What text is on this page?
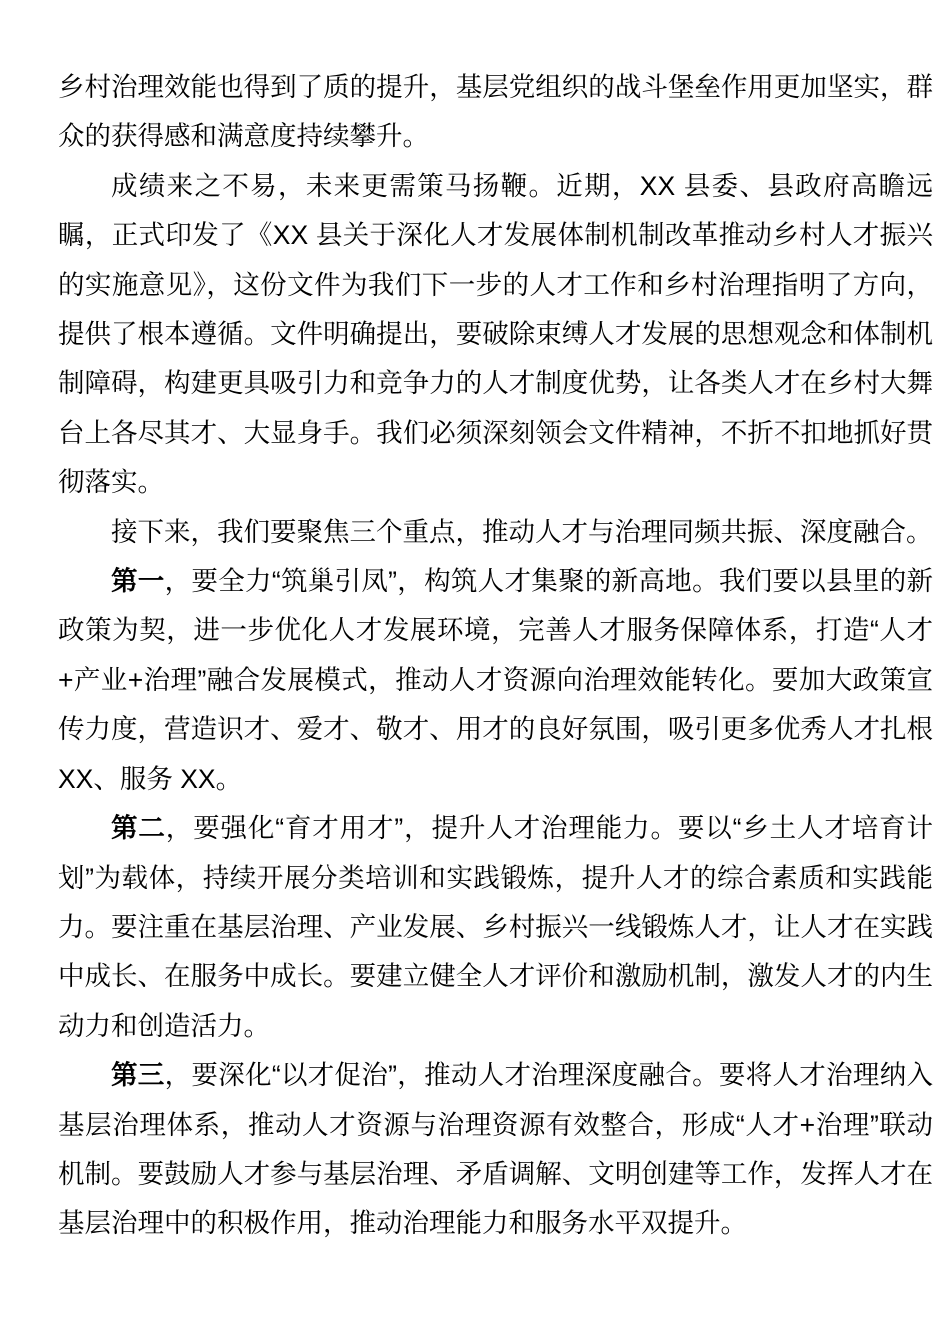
乡村治理效能也得到了质的提升，基层党组织的战斗堡垒作用更加坚实，群众的获得感和满意度持续攀升。

成绩来之不易，未来更需策马扬鞭。近期，XX 县委、县政府高瞻远瞩，正式印发了《XX 县关于深化人才发展体制机制改革推动乡村人才振兴的实施意见》，这份文件为我们下一步的人才工作和乡村治理指明了方向，提供了根本遵循。文件明确提出，要破除束缚人才发展的思想观念和体制机制障碍，构建更具吸引力和竞争力的人才制度优势，让各类人才在乡村大舞台上各尽其才、大显身手。我们必须深刻领会文件精神，不折不扣地抓好贯彻落实。

接下来，我们要聚焦三个重点，推动人才与治理同频共振、深度融合。

第一，要全力“筑巢引凤”，构筑人才集聚的新高地。我们要以县里的新政策为契，进一步优化人才发展环境，完善人才服务保障体系，打造“人才+产业+治理”融合发展模式，推动人才资源向治理效能转化。要加大政策宣传力度，营造识才、爱才、敬才、用才的良好氛围，吸引更多优秀人才扎根 XX、服务 XX。

第二，要强化“育才用才”，提升人才治理能力。要以“乡土人才培育计划”为载体，持续开展分类培训和实践锻炼，提升人才的综合素质和实践能力。要注重在基层治理、产业发展、乡村振兴一线锻炼人才，让人才在实践中成长、在服务中成长。要建立健全人才评价和激励机制，激发人才的内生动力和创造活力。

第三，要深化“以才促治”，推动人才治理深度融合。要将人才治理纳入基层治理体系，推动人才资源与治理资源有效整合，形成“人才+治理”联动机制。要鼓励人才参与基层治理、矛盾调解、文明创建等工作，发挥人才在基层治理中的积极作用，推动治理能力和服务水平双提升。
